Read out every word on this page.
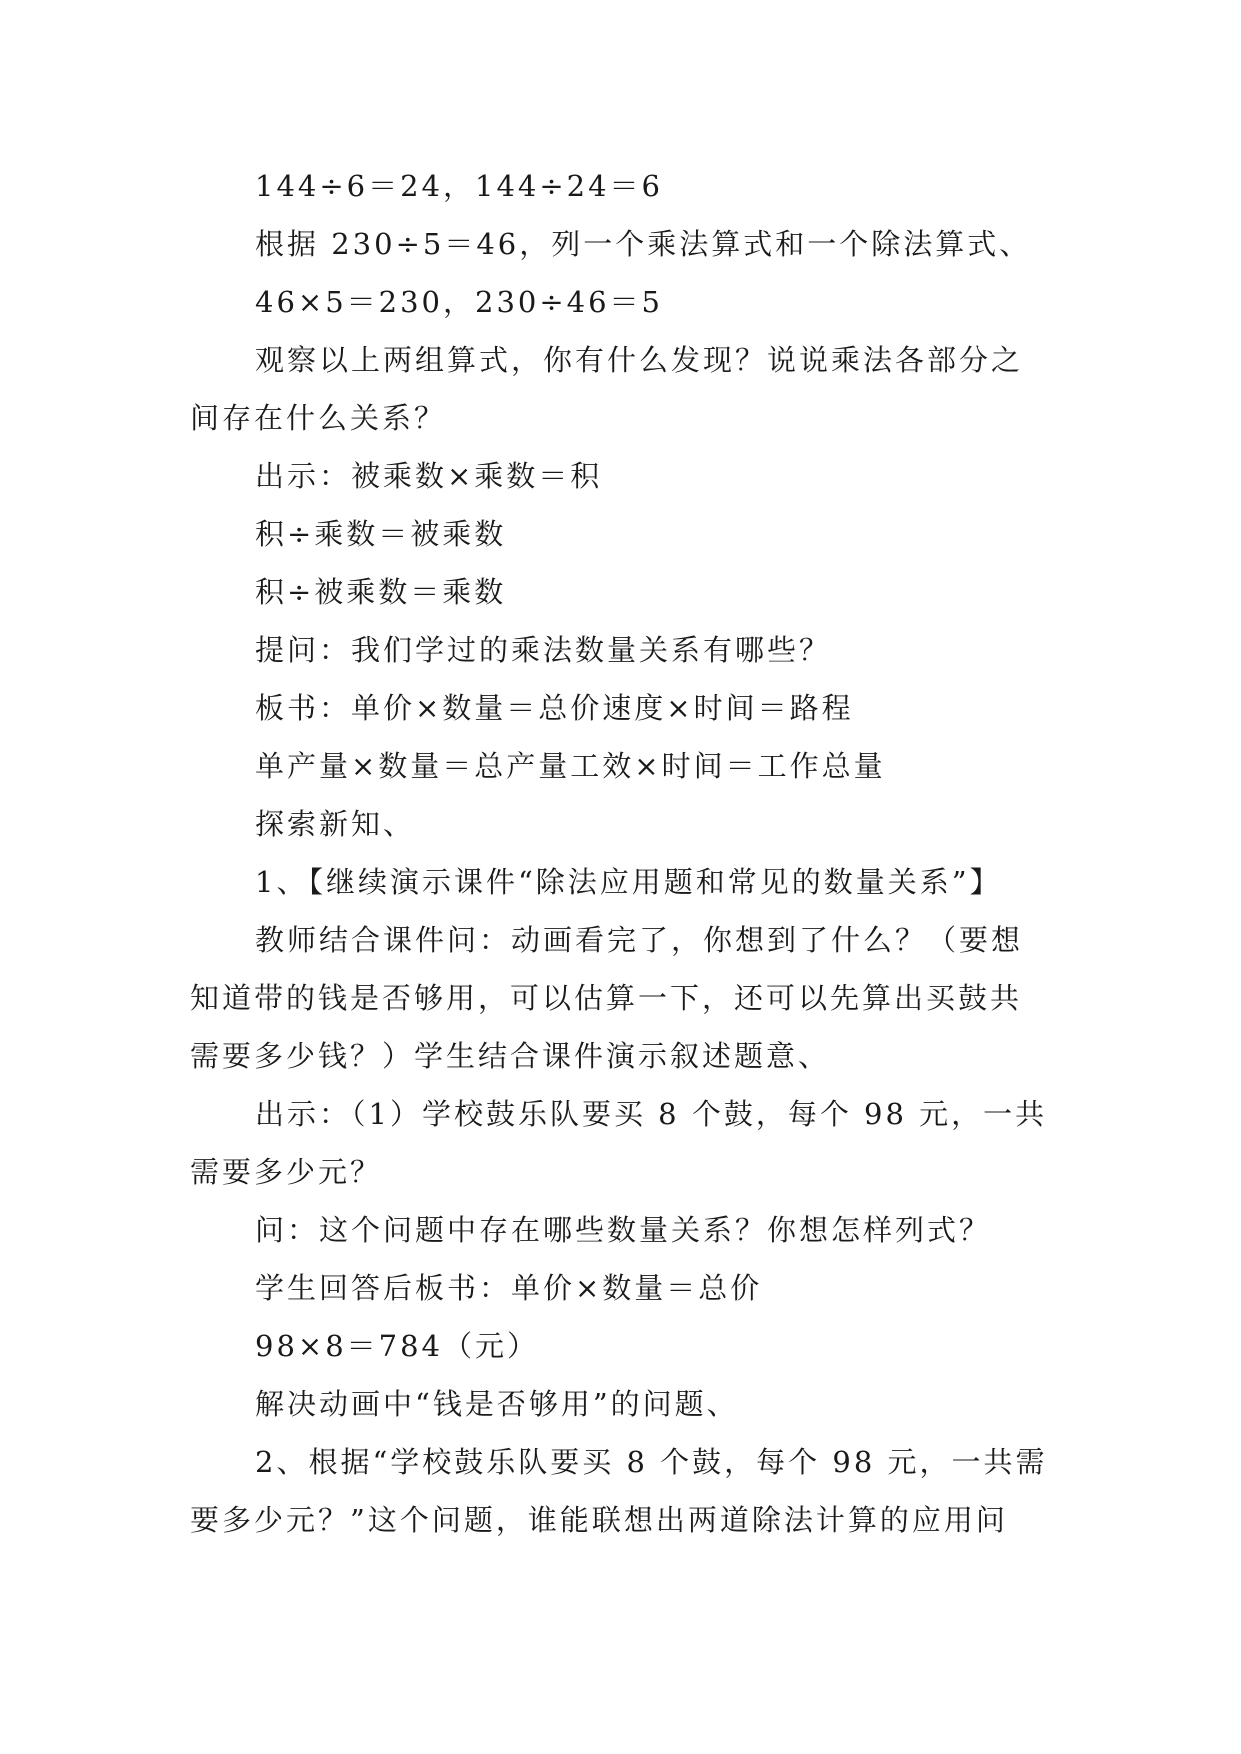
144÷6＝24，144÷24＝6

根据 230÷5＝46，列一个乘法算式和一个除法算式、

46×5＝230，230÷46＝5

观察以上两组算式，你有什么发现？说说乘法各部分之间存在什么关系？

出示：被乘数×乘数＝积

积÷乘数＝被乘数

积÷被乘数＝乘数

提问：我们学过的乘法数量关系有哪些？

板书：单价×数量＝总价速度×时间＝路程

单产量×数量＝总产量工效×时间＝工作总量

探索新知、

1、【继续演示课件“除法应用题和常见的数量关系”】

教师结合课件问：动画看完了，你想到了什么？（要想知道带的钱是否够用，可以估算一下，还可以先算出买鼓共需要多少钱？）学生结合课件演示叙述题意、

出示：（1）学校鼓乐队要买 8 个鼓，每个 98 元，一共需要多少元？

问：这个问题中存在哪些数量关系？你想怎样列式？

学生回答后板书：单价×数量＝总价

98×8＝784（元）

解决动画中“钱是否够用”的问题、

2、根据“学校鼓乐队要买 8 个鼓，每个 98 元，一共需要多少元？”这个问题，谁能联想出两道除法计算的应用问
